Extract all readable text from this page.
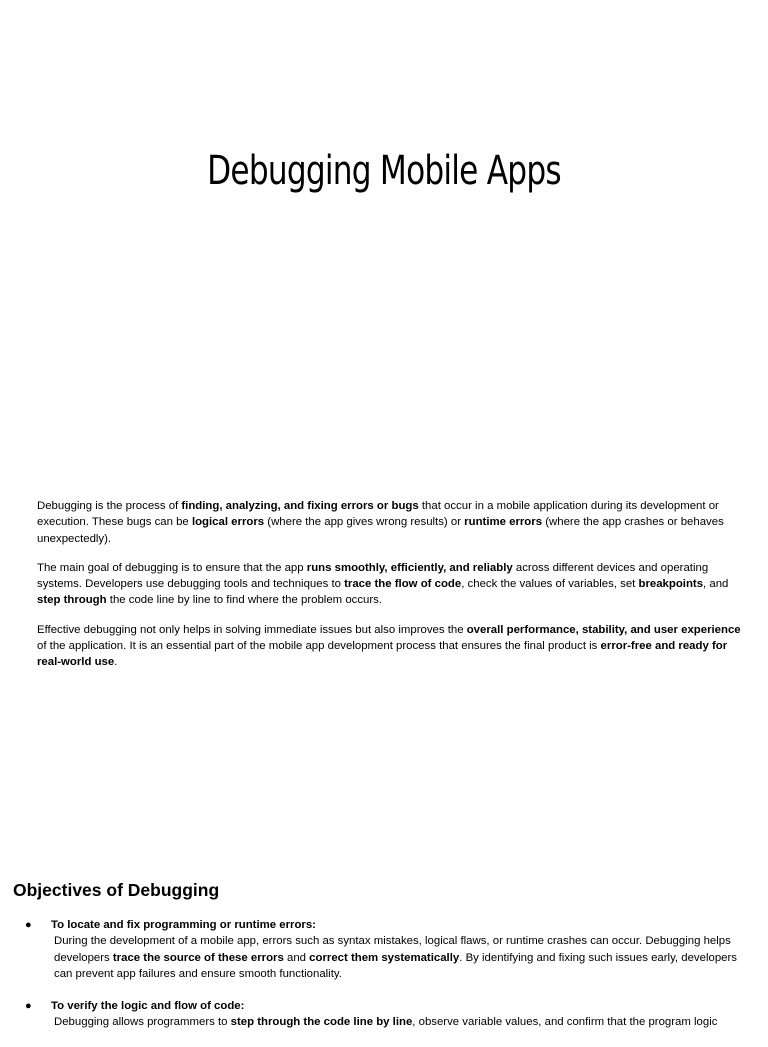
Debugging Mobile Apps

Debugging is the process of finding, analyzing, and fixing errors or bugs that occur in a mobile application during its development or execution. These bugs can be logical errors (where the app gives wrong results) or runtime errors (where the app crashes or behaves unexpectedly).

The main goal of debugging is to ensure that the app runs smoothly, efficiently, and reliably across different devices and operating systems. Developers use debugging tools and techniques to trace the flow of code, check the values of variables, set breakpoints, and step through the code line by line to find where the problem occurs.

Effective debugging not only helps in solving immediate issues but also improves the overall performance, stability, and user experience of the application. It is an essential part of the mobile app development process that ensures the final product is error-free and ready for real-world use.

Objectives of Debugging
● To locate and fix programming or runtime errors:
During the development of a mobile app, errors such as syntax mistakes, logical flaws, or runtime crashes can occur. Debugging helps developers trace the source of these errors and correct them systematically. By identifying and fixing such issues early, developers can prevent app failures and ensure smooth functionality.
● To verify the logic and flow of code:
Debugging allows programmers to step through the code line by line, observe variable values, and confirm that the program logic
